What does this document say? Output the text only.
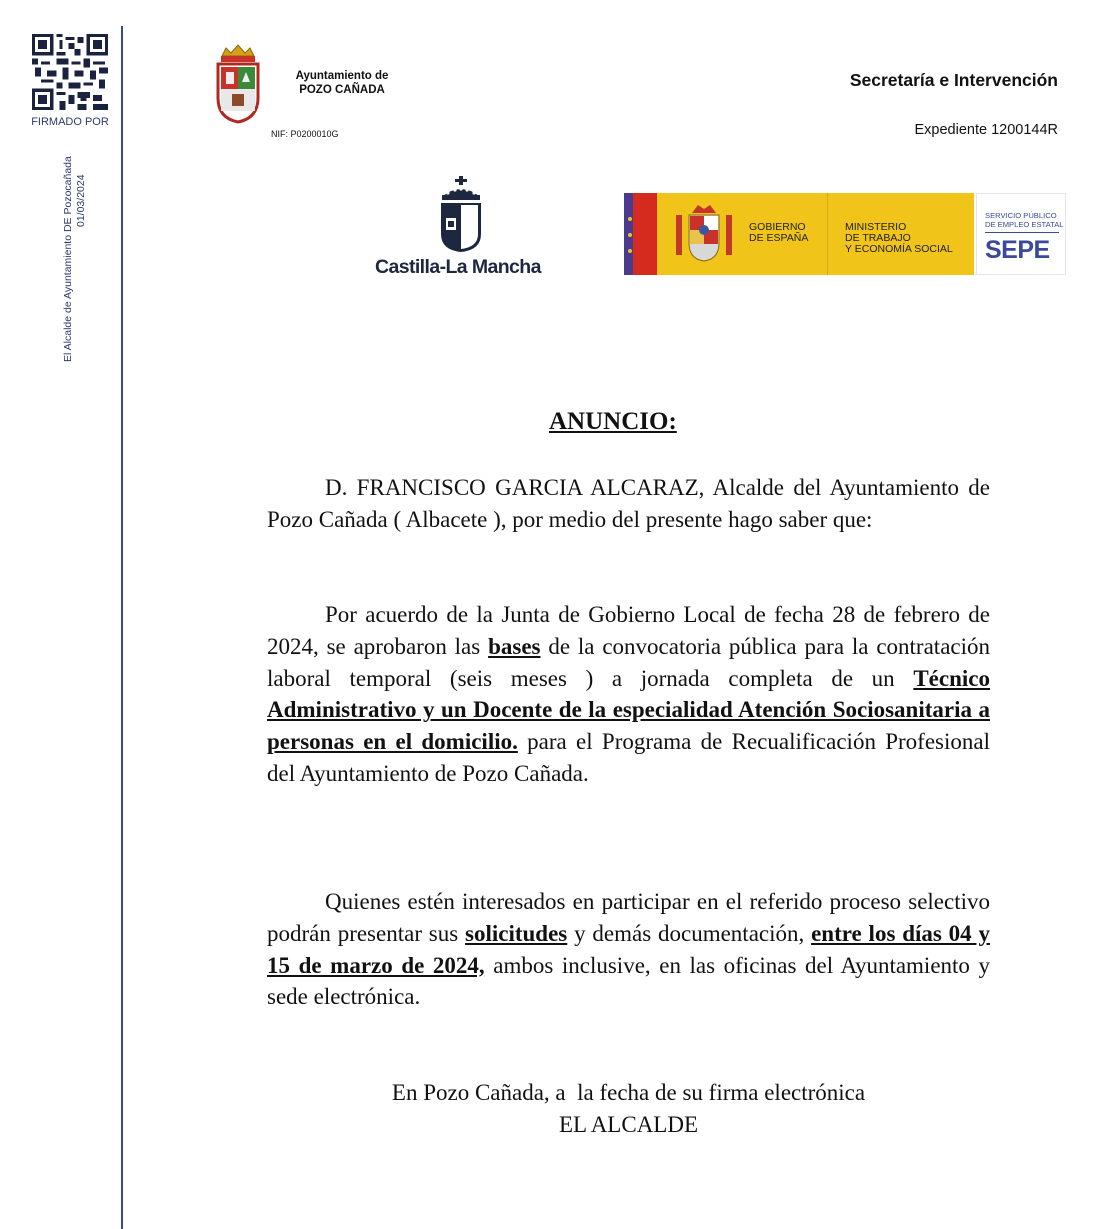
FIRMADO POR
El Alcalde de Ayuntamiento DE Pozocañada 01/03/2024
Ayuntamiento de
POZO CAÑADA
NIF: P0200010G
Secretaría e Intervención
Expediente 1200144R
Castilla-La Mancha
GOBIERNO
DE ESPAÑA
MINISTERIO
DE TRABAJO
Y ECONOMÍA SOCIAL
SERVICIO PÚBLICO
DE EMPLEO ESTATAL
SEPE
ANUNCIO:
D. FRANCISCO GARCIA ALCARAZ, Alcalde del Ayuntamiento de Pozo Cañada ( Albacete ), por medio del presente hago saber que:
Por acuerdo de la Junta de Gobierno Local de fecha 28 de febrero de 2024, se aprobaron las bases de la convocatoria pública para la contratación laboral temporal (seis meses ) a jornada completa de un Técnico Administrativo y un Docente de la especialidad Atención Sociosanitaria a personas en el domicilio. para el Programa de Recualificación Profesional del Ayuntamiento de Pozo Cañada.
Quienes estén interesados en participar en el referido proceso selectivo podrán presentar sus solicitudes y demás documentación, entre los días 04 y 15 de marzo de 2024, ambos inclusive, en las oficinas del Ayuntamiento y sede electrónica.
En Pozo Cañada, a  la fecha de su firma electrónica
EL ALCALDE
